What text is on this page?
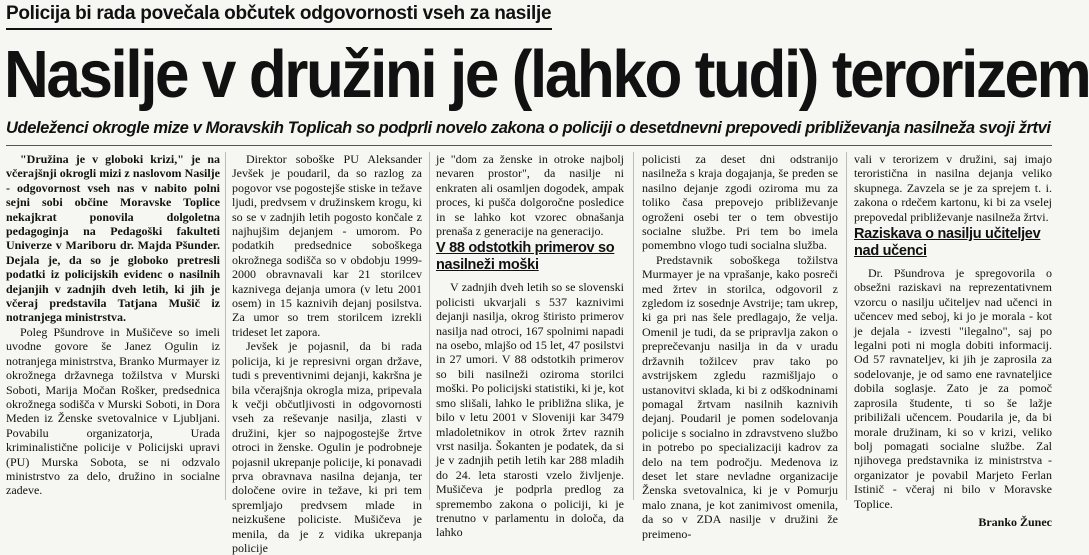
Policija bi rada povečala občutek odgovornosti vseh za nasilje
Nasilje v družini je (lahko tudi) terorizem
Udeleženci okrogle mize v Moravskih Toplicah so podprli novelo zakona o policiji o desetdnevni prepovedi približevanja nasilneža svoji žrtvi

"Družina je v globoki krizi," je na včerajšnji okrogli mizi z naslovom Nasilje - odgovornost vseh nas v nabito polni sejni sobi občine Moravske Toplice nekajkrat ponovila dolgoletna pedagoginja na Pedagoški fakulteti Univerze v Mariboru dr. Majda Pšunder. Dejala je, da so je globoko pretresli podatki iz policijskih evidenc o nasilnih dejanjih v zadnjih dveh letih, ki jih je včeraj predstavila Tatjana Mušič iz notranjega ministrstva.

Poleg Pšundrove in Mušičeve so imeli uvodne govore še Janez Ogulin iz notranjega ministrstva, Branko Murmayer iz okrožnega državnega tožilstva v Murski Soboti, Marija Močan Rošker, predsednica okrožnega sodišča v Murski Soboti, in Dora Meden iz Ženske svetovalnice v Ljubljani. Povabilu organizatorja, Urada kriminalistične policije v Policijski upravi (PU) Murska Sobota, se ni odzvalo ministrstvo za delo, družino in socialne zadeve.

Direktor soboške PU Aleksander Jevšek je poudaril, da so razlog za pogovor vse pogostejše stiske in težave ljudi, predvsem v družinskem krogu, ki so se v zadnjih letih pogosto končale z najhujšim dejanjem - umorom. Po podatkih predsednice soboškega okrožnega sodišča so v obdobju 1999-2000 obravnavali kar 21 storilcev kaznivega dejanja umora (v letu 2001 osem) in 15 kaznivih dejanj posilstva. Za umor so trem storilcem izrekli trideset let zapora.

Jevšek je pojasnil, da bi rada policija, ki je represivni organ države, tudi s preventivnimi dejanji, kakršna je bila včerajšnja okrogla miza, pripevala k večji občutljivosti in odgovornosti vseh za reševanje nasilja, zlasti v družini, kjer so najpogostejše žrtve otroci in ženske. Ogulin je podrobneje pojasnil ukrepanje policije, ki ponavadi prva obravnava nasilna dejanja, ter določene ovire in težave, ki pri tem spremljajo predvsem mlade in neizkušene policiste. Mušičeva je menila, da je z vidika ukrepanja policije

je "dom za ženske in otroke najbolj nevaren prostor", da nasilje ni enkraten ali osamljen dogodek, ampak proces, ki pušča dolgoročne posledice in se lahko kot vzorec obnašanja prenaša z generacije na generacijo.

V 88 odstotkih primerov so nasilneži moški

V zadnjih dveh letih so se slovenski policisti ukvarjali s 537 kaznivimi dejanji nasilja, okrog štiristo primerov nasilja nad otroci, 167 spolnimi napadi na osebo, mlajšo od 15 let, 47 posilstvi in 27 umori. V 88 odstotkih primerov so bili nasilneži oziroma storilci moški. Po policijski statistiki, ki je, kot smo slišali, lahko le približna slika, je bilo v letu 2001 v Sloveniji kar 3479 mladoletnikov in otrok žrtev raznih vrst nasilja. Šokanten je podatek, da si je v zadnjih petih letih kar 288 mladih do 24. leta starosti vzelo življenje. Mušičeva je podprla predlog za spremembo zakona o policiji, ki je trenutno v parlamentu in določa, da lahko

policisti za deset dni odstranijo nasilneža s kraja dogajanja, še preden se nasilno dejanje zgodi oziroma mu za toliko časa prepovejo približevanje ogroženi osebi ter o tem obvestijo socialne službe. Pri tem bo imela pomembno vlogo tudi socialna služba.

Predstavnik soboškega tožilstva Murmayer je na vprašanje, kako posreči med žrtev in storilca, odgovoril z zgledom iz sosednje Avstrije; tam ukrep, ki ga pri nas šele predlagajo, že velja. Omenil je tudi, da se pripravlja zakon o preprečevanju nasilja in da v uradu državnih tožilcev prav tako po avstrijskem zgledu razmišljajo o ustanovitvi sklada, ki bi z odškodninami pomagal žrtvam nasilnih kaznivih dejanj. Poudaril je pomen sodelovanja policije s socialno in zdravstveno službo in potrebo po specializaciji kadrov za delo na tem področju. Medenova iz deset let stare nevladne organizacije Ženska svetovalnica, ki je v Pomurju malo znana, je kot zanimivost omenila, da so v ZDA nasilje v družini že preimeno-

vali v terorizem v družini, saj imajo teroristična in nasilna dejanja veliko skupnega. Zavzela se je za sprejem t. i. zakona o rdečem kartonu, ki bi za vselej prepovedal približevanje nasilneža žrtvi.

Raziskava o nasilju učiteljev nad učenci

Dr. Pšundrova je spregovorila o obsežni raziskavi na reprezentativnem vzorcu o nasilju učiteljev nad učenci in učencev med seboj, ki jo je morala - kot je dejala - izvesti "ilegalno", saj po legalni poti ni mogla dobiti informacij. Od 57 ravnateljev, ki jih je zaprosila za sodelovanje, je od samo ene ravnateljice dobila soglasje. Zato je za pomoč zaprosila študente, ti so še lažje pribiližali učencem. Poudarila je, da bi morale družinam, ki so v krizi, veliko bolj pomagati socialne službe. Zal njihovega predstavnika iz ministrstva - organizator je povabil Marjeto Ferlan Istinič - včeraj ni bilo v Moravske Toplice.

Branko Žunec
